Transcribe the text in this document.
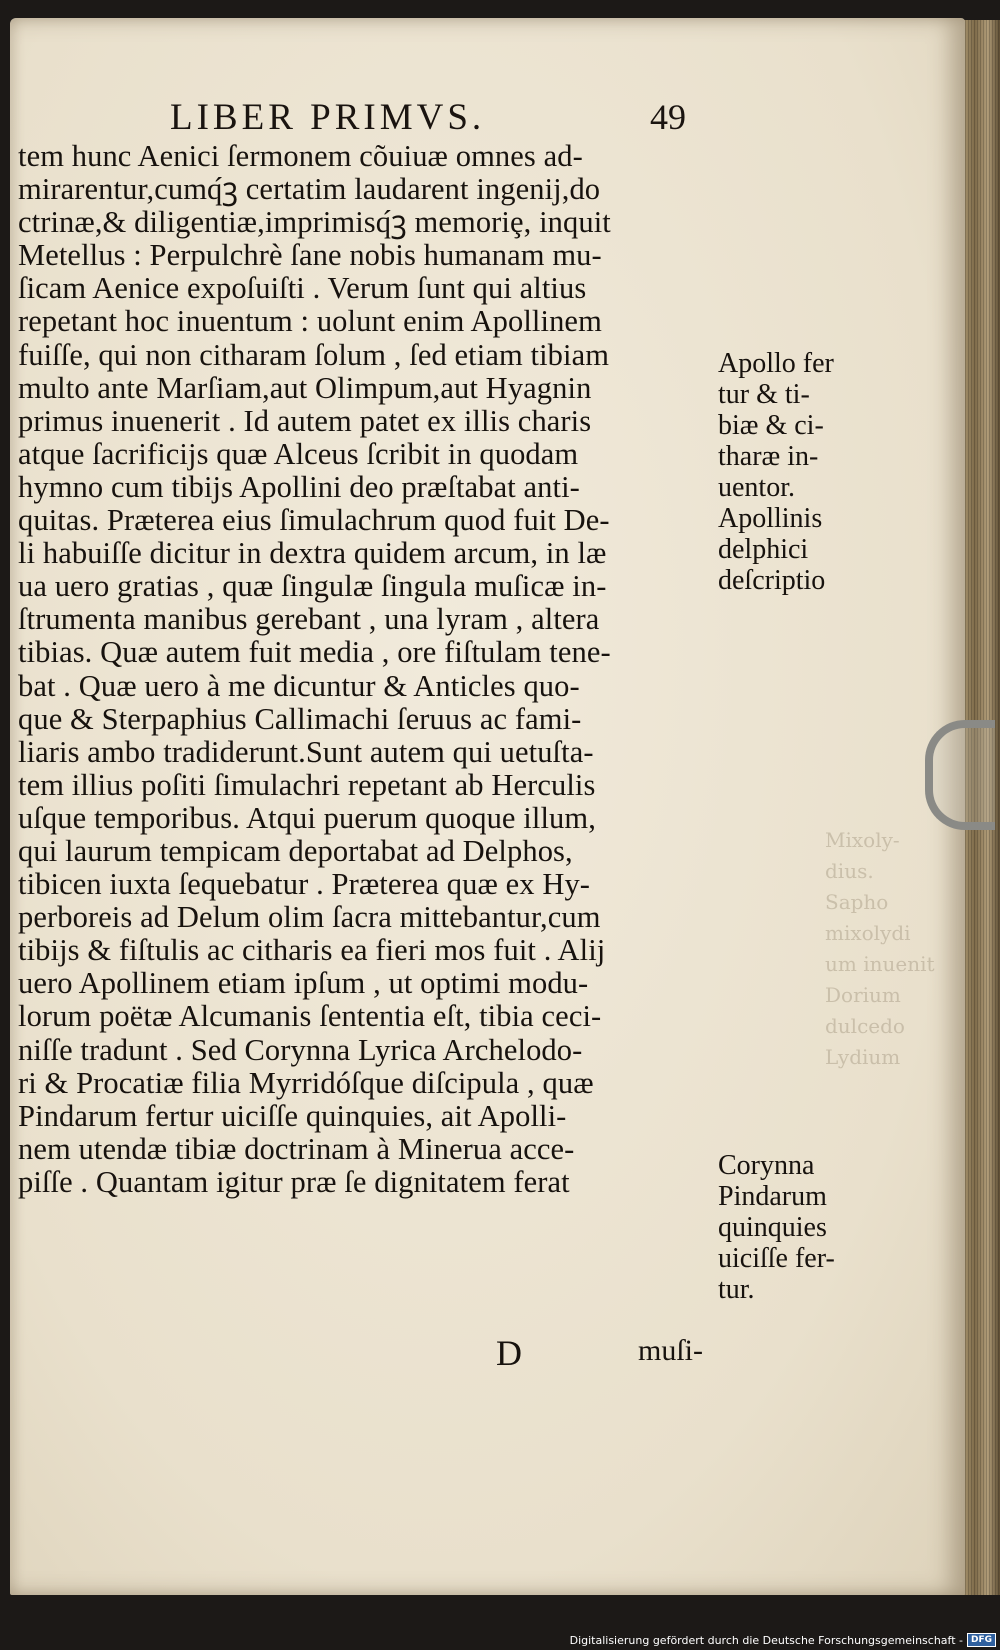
Mixoly-
dius.
Sapho
mixolydi
um inuenit
Dorium
dulcedo
Lydium
LIBER PRIMVS.	49
tem hunc Aenici ſermonem cõuiuæ omnes ad-
mirarentur,cumq́ꝫ certatim laudarent ingenij,do
ctrinæ,& diligentiæ,imprimisq́ꝫ memoriȩ, inquit
Metellus : Perpulchrè ſane nobis humanam mu-
ſicam Aenice expoſuiſti . Verum ſunt qui altius
repetant hoc inuentum : uolunt enim Apollinem
fuiſſe, qui non citharam ſolum , ſed etiam tibiam
multo ante Marſiam,aut Olimpum,aut Hyagnin
primus inuenerit . Id autem patet ex illis charis
atque ſacrificijs quæ Alceus ſcribit in quodam
hymno cum tibijs Apollini deo præſtabat anti-
quitas. Præterea eius ſimulachrum quod fuit De-
li habuiſſe dicitur in dextra quidem arcum, in læ
ua uero gratias , quæ ſingulæ ſingula muſicæ in-
ſtrumenta manibus gerebant , una lyram , altera
tibias. Quæ autem fuit media , ore fiſtulam tene-
bat . Quæ uero à me dicuntur & Anticles quo-
que & Sterpaphius Callimachi ſeruus ac fami-
liaris ambo tradiderunt.Sunt autem qui uetuſta-
tem illius poſiti ſimulachri repetant ab Herculis
uſque temporibus. Atqui puerum quoque illum,
qui laurum tempicam deportabat ad Delphos,
tibicen iuxta ſequebatur . Præterea quæ ex Hy-
perboreis ad Delum olim ſacra mittebantur,cum
tibijs & fiſtulis ac citharis ea fieri mos fuit . Alij
uero Apollinem etiam ipſum , ut optimi modu-
lorum poëtæ Alcumanis ſententia eſt, tibia ceci-
niſſe tradunt . Sed Corynna Lyrica Archelodo-
ri & Procatiæ filia Myrridóſque diſcipula , quæ
Pindarum fertur uiciſſe quinquies, ait Apolli-
nem utendæ tibiæ doctrinam à Minerua acce-
piſſe . Quantam igitur præ ſe dignitatem ferat
Apollo fer
tur & ti-
biæ & ci-
tharæ in-
uentor.
Apollinis
delphici
deſcriptio
Corynna
Pindarum
quinquies
uiciſſe fer-
tur.
D	muſi-
Digitalisierung gefördert durch die Deutsche Forschungsgemeinschaft - DFG
